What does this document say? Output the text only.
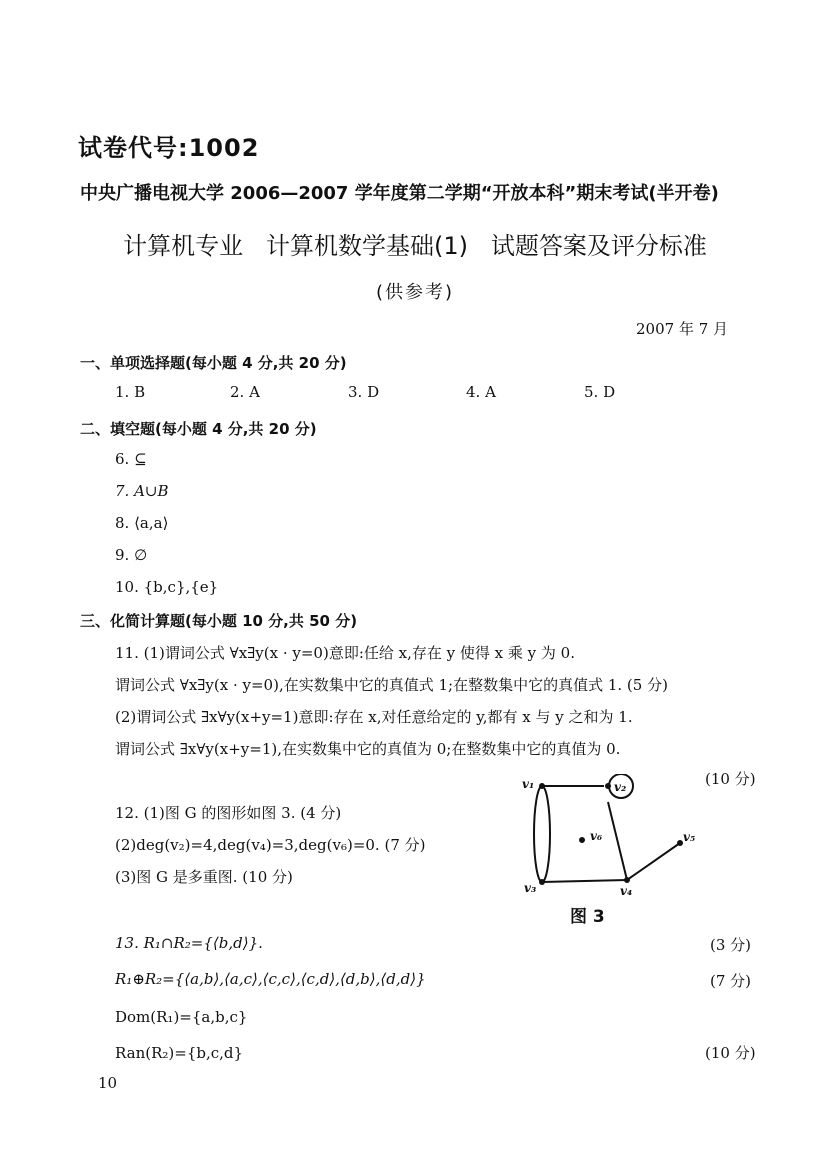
试卷代号:1002
中央广播电视大学 2006—2007 学年度第二学期“开放本科”期末考试(半开卷)
计算机专业   计算机数学基础(1)   试题答案及评分标准
(供参考)
2007 年 7 月
一、单项选择题(每小题 4 分,共 20 分)
1. B	2. A	3. D	4. A	5. D
二、填空题(每小题 4 分,共 20 分)
6. ⊆
7. A∪B
8. ⟨a,a⟩
9. ∅
10. {b,c},{e}
三、化简计算题(每小题 10 分,共 50 分)
11. (1)谓词公式 ∀x∃y(x · y=0)意即:任给 x,存在 y 使得 x 乘 y 为 0.
谓词公式 ∀x∃y(x · y=0),在实数集中它的真值式 1;在整数集中它的真值式 1. (5 分)
(2)谓词公式 ∃x∀y(x+y=1)意即:存在 x,对任意给定的 y,都有 x 与 y 之和为 1.
谓词公式 ∃x∀y(x+y=1),在实数集中它的真值为 0;在整数集中它的真值为 0.
(10 分)
12. (1)图 G 的图形如图 3. (4 分)
(2)deg(v₂)=4,deg(v₄)=3,deg(v₆)=0. (7 分)
(3)图 G 是多重图. (10 分)
v₁	v₂
v₃	v₄
v₅
v₆
图 3
13. R₁∩R₂={⟨b,d⟩}.	(3 分)
R₁⊕R₂={⟨a,b⟩,⟨a,c⟩,⟨c,c⟩,⟨c,d⟩,⟨d,b⟩,⟨d,d⟩}	(7 分)
Dom(R₁)={a,b,c}
Ran(R₂)={b,c,d}	(10 分)
10
